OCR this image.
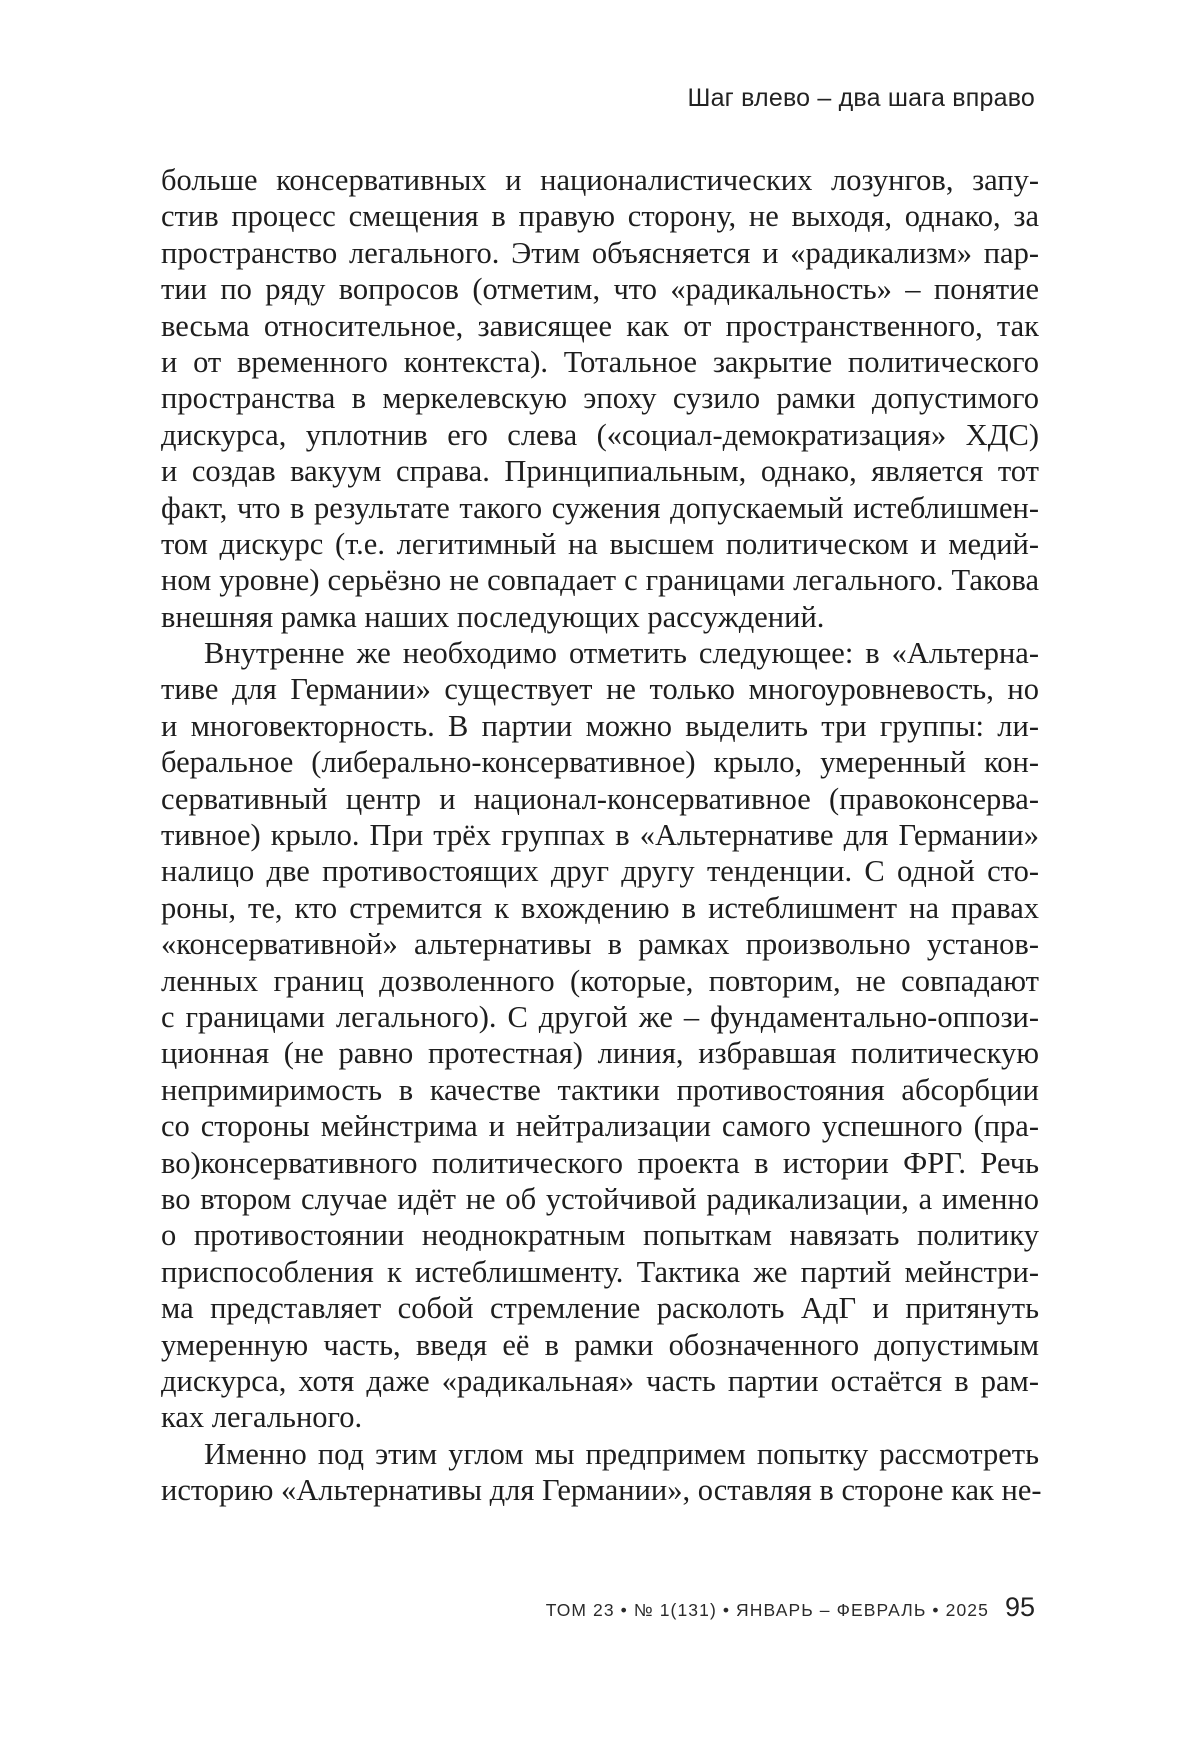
Шаг влево – два шага вправо
больше консервативных и националистических лозунгов, запу-
стив процесс смещения в правую сторону, не выходя, однако, за
пространство легального. Этим объясняется и «радикализм» пар-
тии по ряду вопросов (отметим, что «радикальность» – понятие
весьма относительное, зависящее как от пространственного, так
и от временного контекста). Тотальное закрытие политического
пространства в меркелевскую эпоху сузило рамки допустимого
дискурса, уплотнив его слева («социал-демократизация» ХДС)
и создав вакуум справа. Принципиальным, однако, является тот
факт, что в результате такого сужения допускаемый истеблишмен-
том дискурс (т.е. легитимный на высшем политическом и медий-
ном уровне) серьёзно не совпадает с границами легального. Такова
внешняя рамка наших последующих рассуждений.
Внутренне же необходимо отметить следующее: в «Альтерна-
тиве для Германии» существует не только многоуровневость, но
и многовекторность. В партии можно выделить три группы: ли-
беральное (либерально-консервативное) крыло, умеренный кон-
сервативный центр и национал-консервативное (правоконсерва-
тивное) крыло. При трёх группах в «Альтернативе для Германии»
налицо две противостоящих друг другу тенденции. С одной сто-
роны, те, кто стремится к вхождению в истеблишмент на правах
«консервативной» альтернативы в рамках произвольно установ-
ленных границ дозволенного (которые, повторим, не совпадают
с границами легального). С другой же – фундаментально-оппози-
ционная (не равно протестная) линия, избравшая политическую
непримиримость в качестве тактики противостояния абсорбции
со стороны мейнстрима и нейтрализации самого успешного (пра-
во)консервативного политического проекта в истории ФРГ. Речь
во втором случае идёт не об устойчивой радикализации, а именно
о противостоянии неоднократным попыткам навязать политику
приспособления к истеблишменту. Тактика же партий мейнстри-
ма представляет собой стремление расколоть АдГ и притянуть
умеренную часть, введя её в рамки обозначенного допустимым
дискурса, хотя даже «радикальная» часть партии остаётся в рам-
ках легального.
Именно под этим углом мы предпримем попытку рассмотреть
историю «Альтернативы для Германии», оставляя в стороне как не-
ТОМ 23 • № 1(131) • ЯНВАРЬ – ФЕВРАЛЬ • 2025 95
